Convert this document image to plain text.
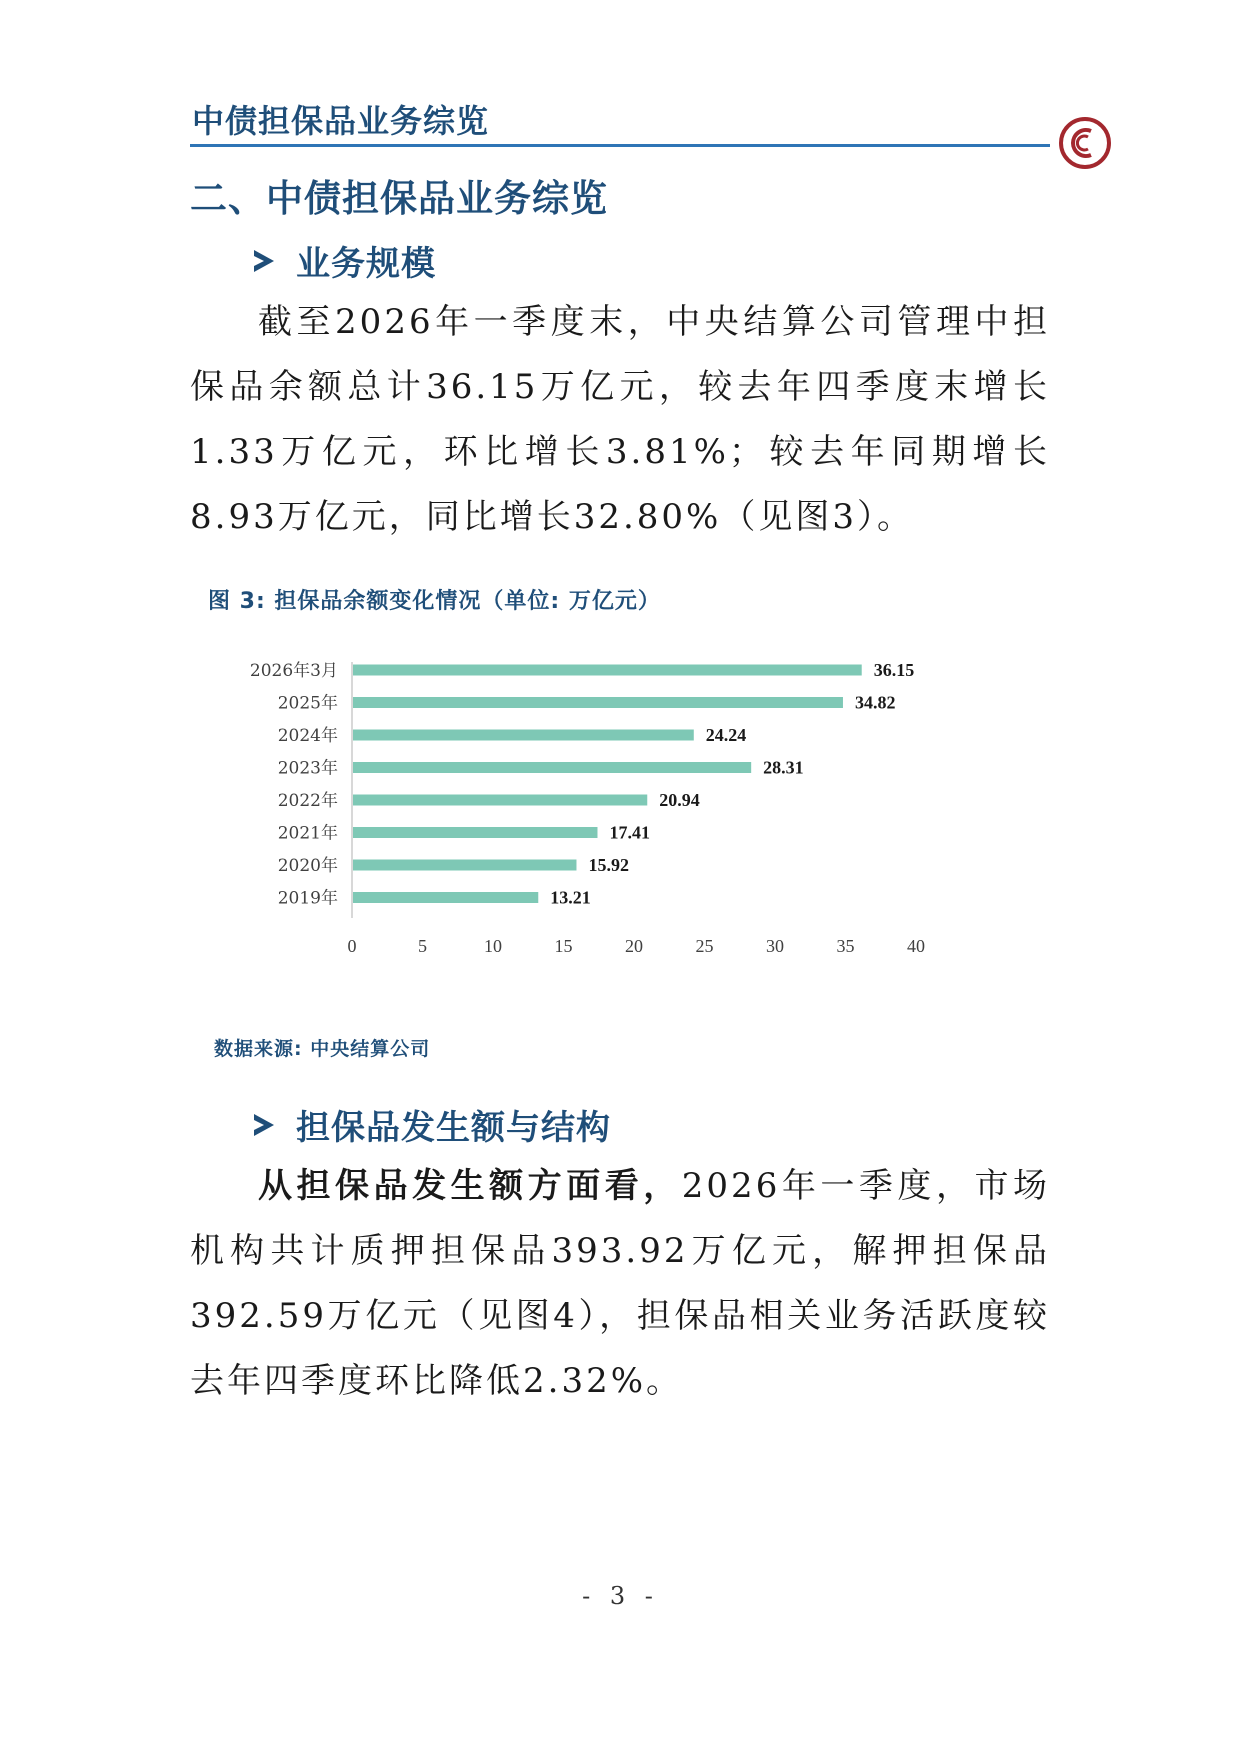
中债担保品业务综览
二、中债担保品业务综览
业务规模

截至2026年一季度末，中央结算公司管理中担保品余额总计36.15万亿元，较去年四季度末增长1.33万亿元，环比增长3.81%；较去年同期增长8.93万亿元，同比增长32.80%（见图3）。

图 3: 担保品余额变化情况（单位: 万亿元）
2026年3月	36.15
2025年	34.82
2024年	24.24
2023年	28.31
2022年	20.94
2021年	17.41
2020年	15.92
2019年	13.21
0	5	10	15	20	25	30	35	40
数据来源: 中央结算公司
担保品发生额与结构

从担保品发生额方面看，2026年一季度，市场机构共计质押担保品393.92万亿元，解押担保品392.59万亿元（见图4），担保品相关业务活跃度较去年四季度环比降低2.32%。

- 3 -
